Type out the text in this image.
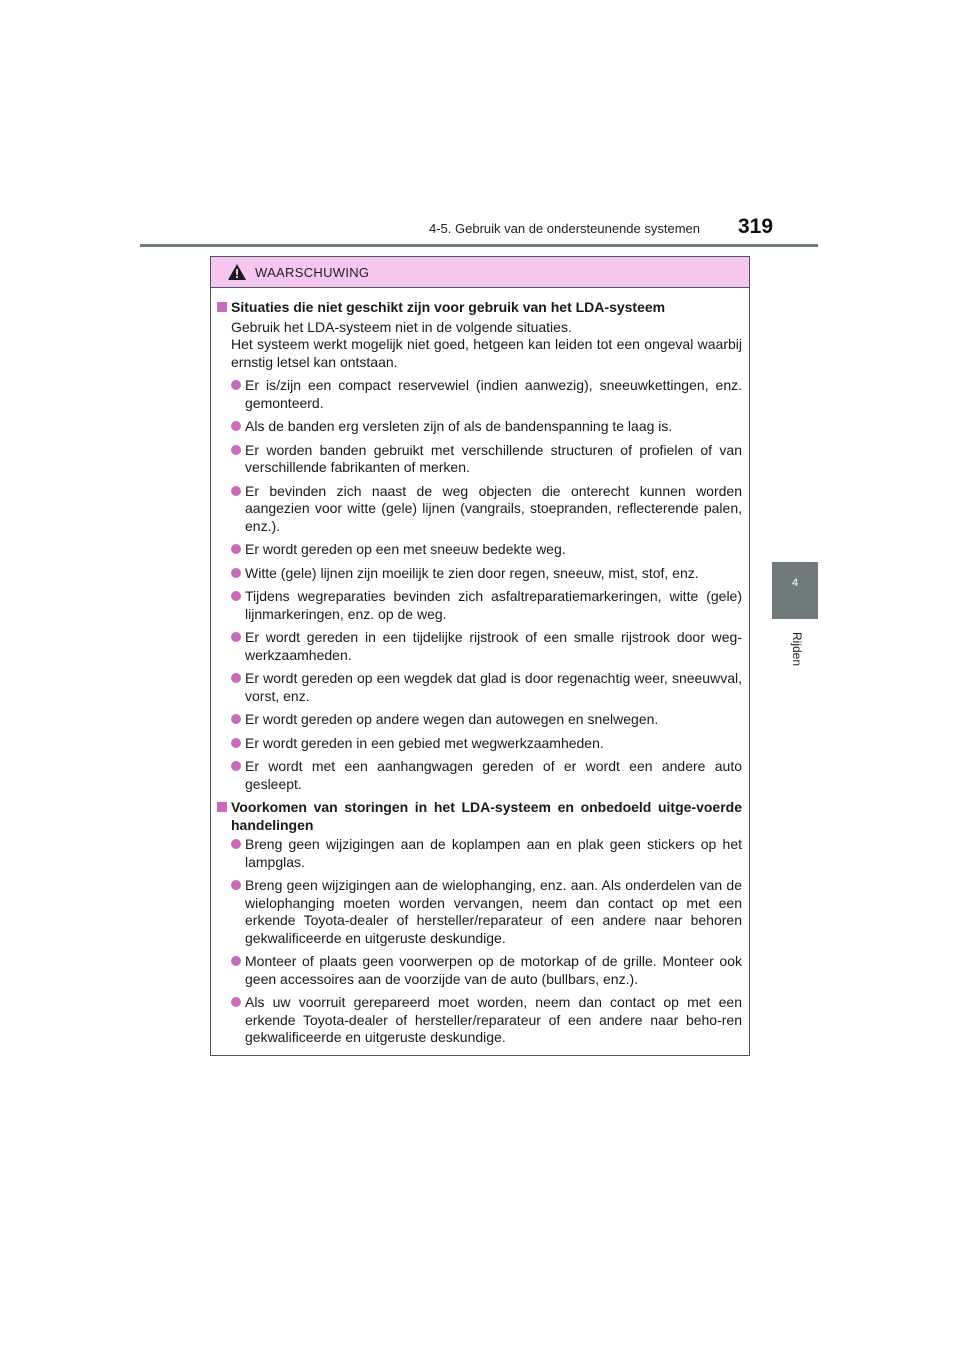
4-5. Gebruik van de ondersteunende systemen 319
4
Rijden
WAARSCHUWING
Situaties die niet geschikt zijn voor gebruik van het LDA-systeem
Gebruik het LDA-systeem niet in de volgende situaties.
Het systeem werkt mogelijk niet goed, hetgeen kan leiden tot een ongeval waarbij ernstig letsel kan ontstaan.
Er is/zijn een compact reservewiel (indien aanwezig), sneeuwkettingen, enz. gemonteerd.
Als de banden erg versleten zijn of als de bandenspanning te laag is.
Er worden banden gebruikt met verschillende structuren of profielen of van verschillende fabrikanten of merken.
Er bevinden zich naast de weg objecten die onterecht kunnen worden aangezien voor witte (gele) lijnen (vangrails, stoepranden, reflecterende palen, enz.).
Er wordt gereden op een met sneeuw bedekte weg.
Witte (gele) lijnen zijn moeilijk te zien door regen, sneeuw, mist, stof, enz.
Tijdens wegreparaties bevinden zich asfaltreparatiemarkeringen, witte (gele) lijnmarkeringen, enz. op de weg.
Er wordt gereden in een tijdelijke rijstrook of een smalle rijstrook door weg-werkzaamheden.
Er wordt gereden op een wegdek dat glad is door regenachtig weer, sneeuwval, vorst, enz.
Er wordt gereden op andere wegen dan autowegen en snelwegen.
Er wordt gereden in een gebied met wegwerkzaamheden.
Er wordt met een aanhangwagen gereden of er wordt een andere auto gesleept.
Voorkomen van storingen in het LDA-systeem en onbedoeld uitge-voerde handelingen
Breng geen wijzigingen aan de koplampen aan en plak geen stickers op het lampglas.
Breng geen wijzigingen aan de wielophanging, enz. aan. Als onderdelen van de wielophanging moeten worden vervangen, neem dan contact op met een erkende Toyota-dealer of hersteller/reparateur of een andere naar behoren gekwalificeerde en uitgeruste deskundige.
Monteer of plaats geen voorwerpen op de motorkap of de grille. Monteer ook geen accessoires aan de voorzijde van de auto (bullbars, enz.).
Als uw voorruit gerepareerd moet worden, neem dan contact op met een erkende Toyota-dealer of hersteller/reparateur of een andere naar beho-ren gekwalificeerde en uitgeruste deskundige.
